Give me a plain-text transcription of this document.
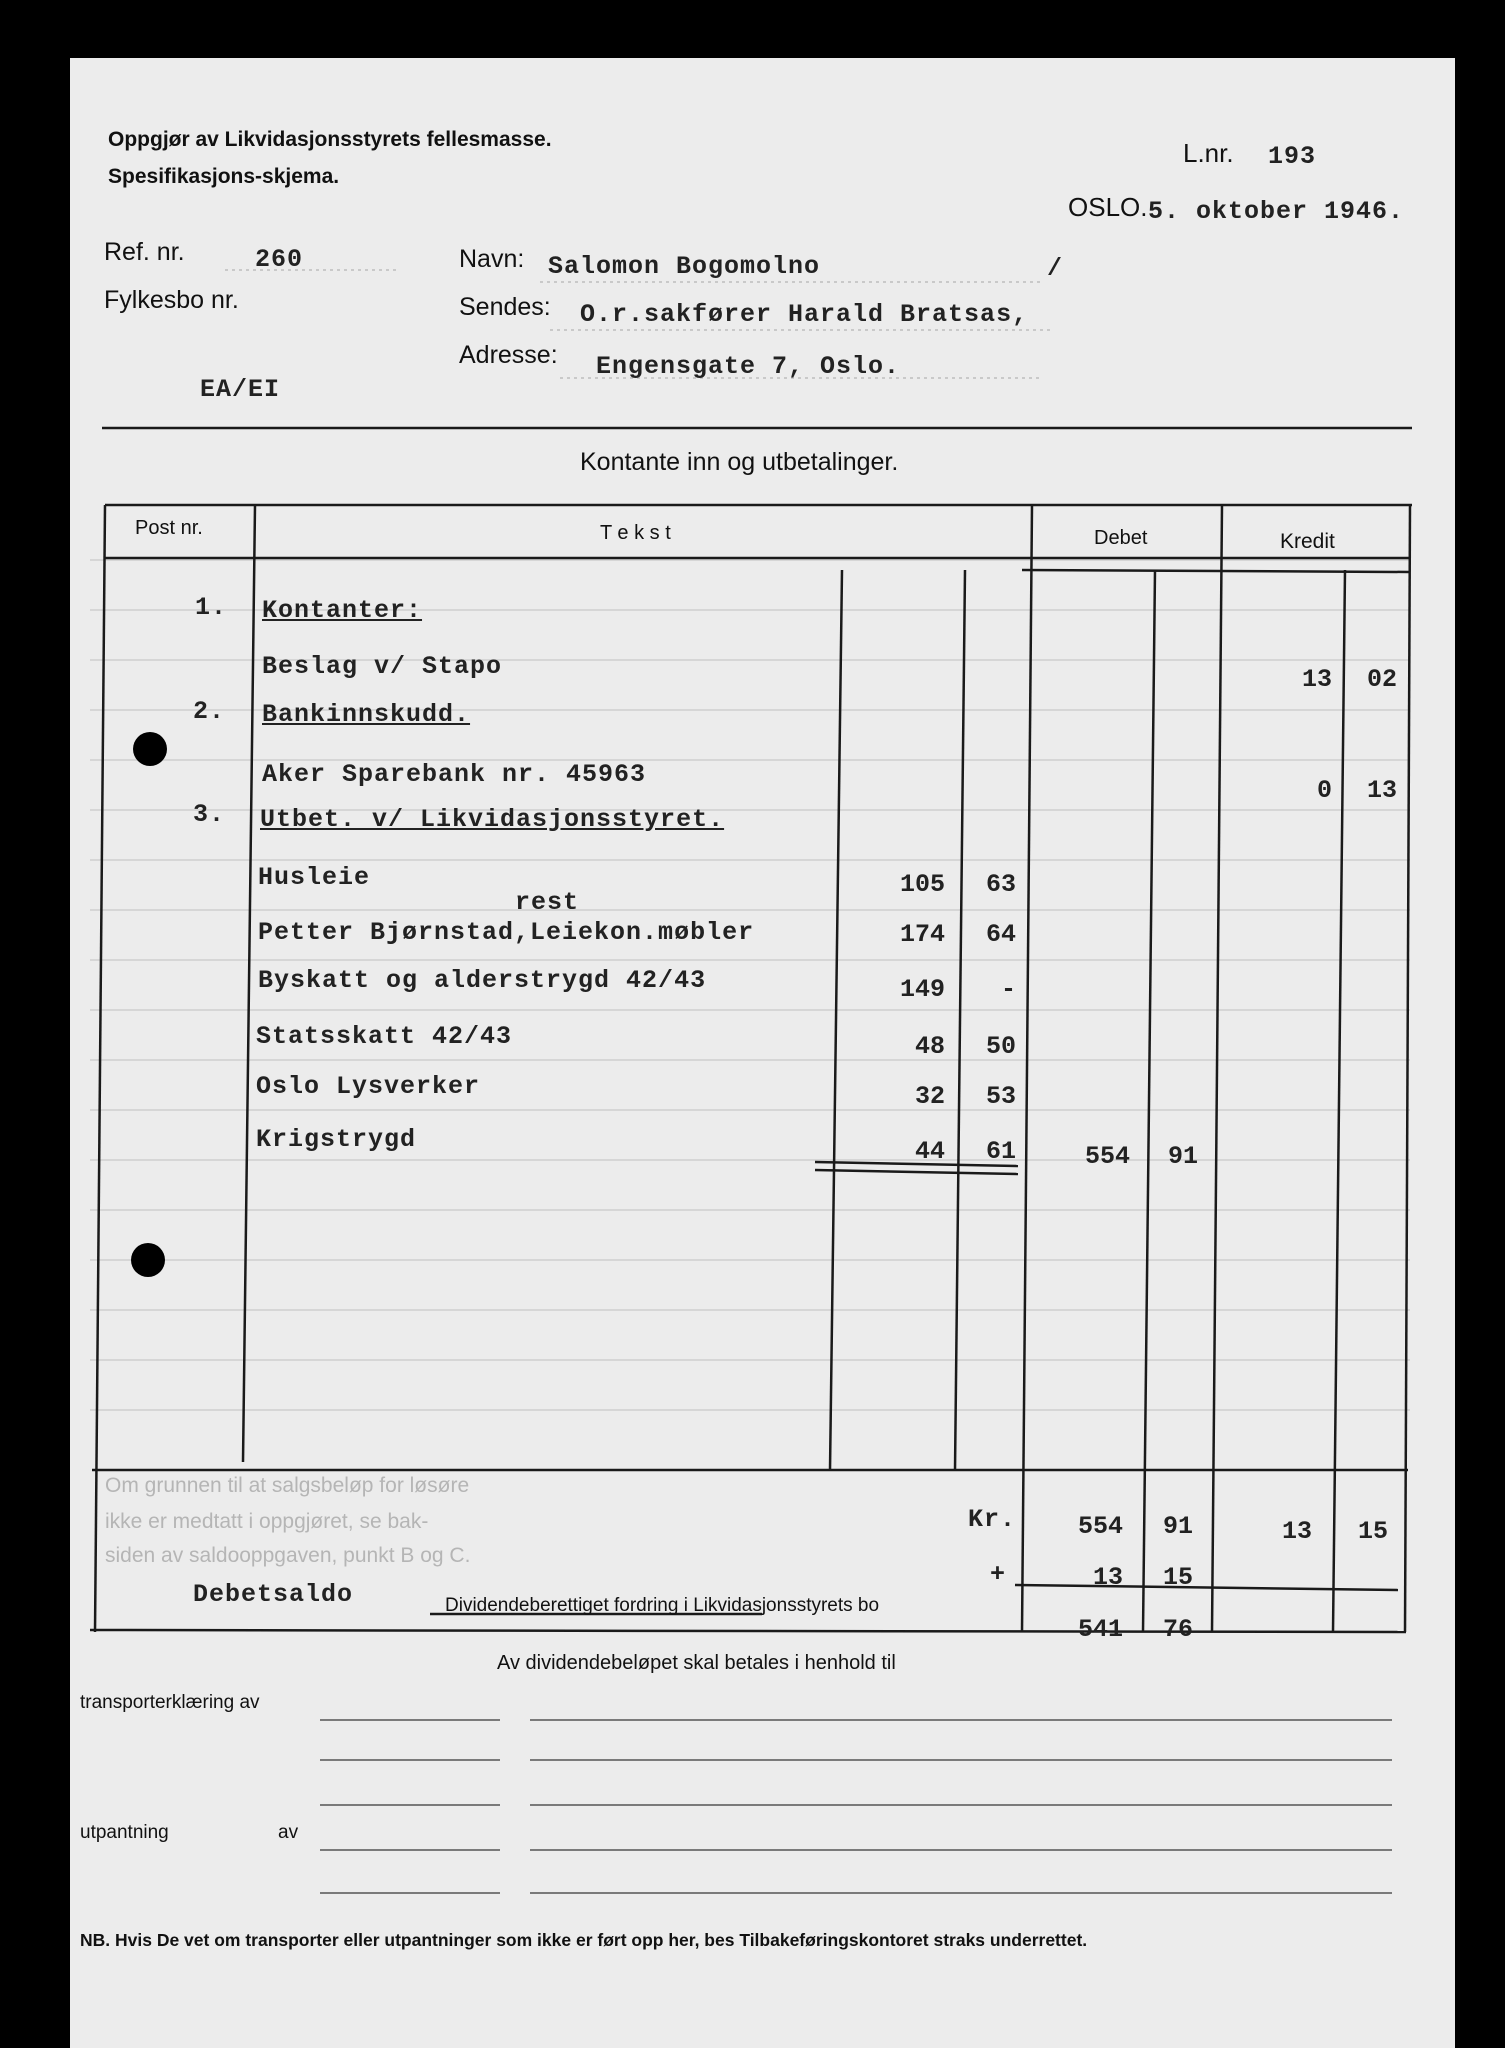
Oppgjør av Likvidasjonsstyrets fellesmasse.
Spesifikasjons-skjema.
L.nr. 193
OSLO. 5. oktober 1946.
Ref. nr.	260
Fylkesbo nr.
EA/EI
Navn: Salomon Bogomolno	/
Sendes: O.r.sakfører Harald Bratsas,
Adresse: Engensgate 7, Oslo.
Kontante inn og utbetalinger.
Post nr.	T e k s t	Debet	Kredit
1. Kontanter:
Beslag v/ Stapo	13	02
2. Bankinnskudd.
Aker Sparebank nr. 45963
0	13
3. Utbet. v/ Likvidasjonsstyret.
Husleie	105	63
rest
Petter Bjørnstad,Leiekon.møbler	174	64
Byskatt og alderstrygd 42/43	149	-
Statsskatt 42/43	48	50
Oslo Lysverker	32	53
Krigstrygd	44	61	554	91
Om grunnen til at salgsbeløp for løsøre
ikke er medtatt i oppgjøret, se bak-
siden av saldooppgaven, punkt B og C.
Kr.	554	91	13	15
+	13	15
Debetsaldo	Dividendeberettiget fordring i Likvidasjonsstyrets bo
541	76
Av dividendebeløpet skal betales i henhold til
transporterklæring av
utpantning	av
NB. Hvis De vet om transporter eller utpantninger som ikke er ført opp her, bes Tilbakeføringskontoret straks underrettet.
